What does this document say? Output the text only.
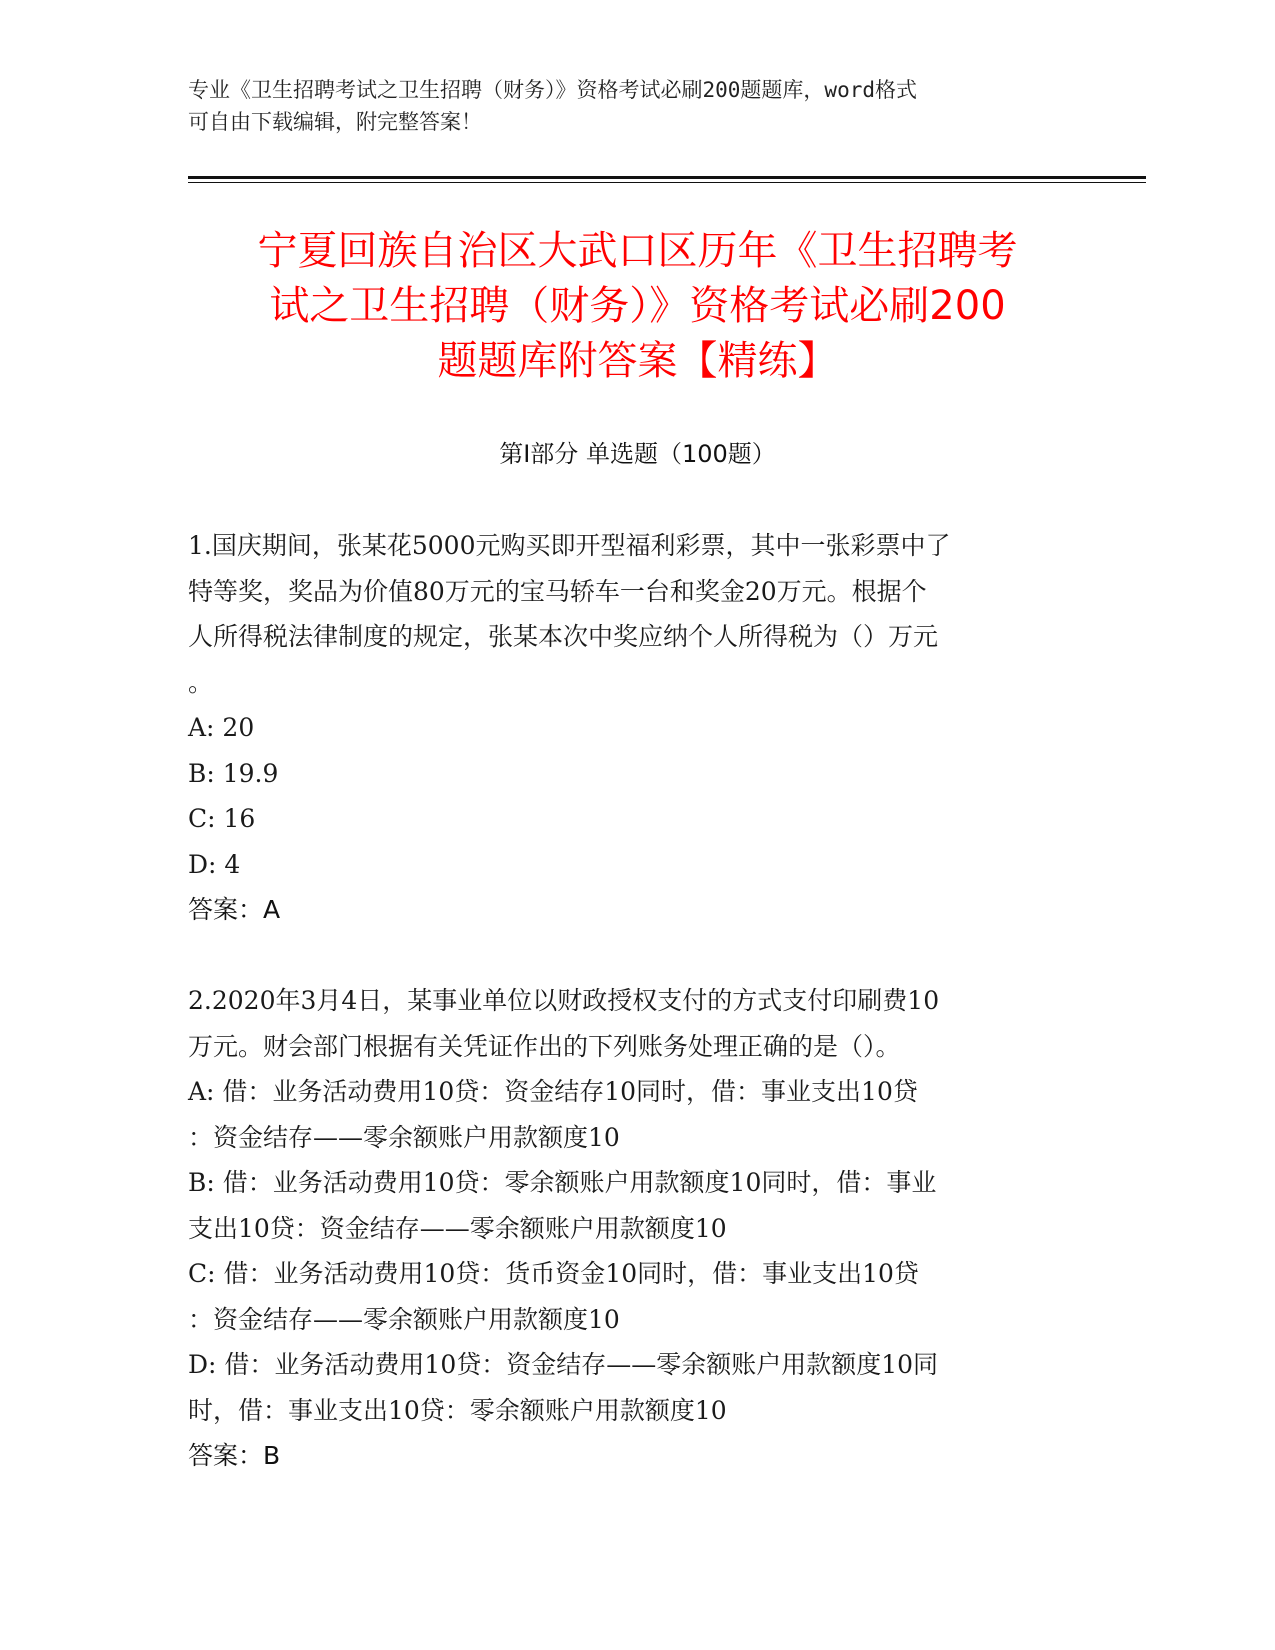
专业《卫生招聘考试之卫生招聘（财务）》资格考试必刷200题题库，word格式
可自由下载编辑，附完整答案！
宁夏回族自治区大武口区历年《卫生招聘考
试之卫生招聘（财务）》资格考试必刷200
题题库附答案【精练】
第Ⅰ部分 单选题（100题）
1.国庆期间，张某花5000元购买即开型福利彩票，其中一张彩票中了
特等奖，奖品为价值80万元的宝马轿车一台和奖金20万元。根据个
人所得税法律制度的规定，张某本次中奖应纳个人所得税为（）万元
。
A: 20
B: 19.9
C: 16
D: 4
答案：A
2.2020年3月4日，某事业单位以财政授权支付的方式支付印刷费10
万元。财会部门根据有关凭证作出的下列账务处理正确的是（）。
A: 借：业务活动费用10贷：资金结存10同时，借：事业支出10贷
：资金结存——零余额账户用款额度10
B: 借：业务活动费用10贷：零余额账户用款额度10同时，借：事业
支出10贷：资金结存——零余额账户用款额度10
C: 借：业务活动费用10贷：货币资金10同时，借：事业支出10贷
：资金结存——零余额账户用款额度10
D: 借：业务活动费用10贷：资金结存——零余额账户用款额度10同
时，借：事业支出10贷：零余额账户用款额度10
答案：B
